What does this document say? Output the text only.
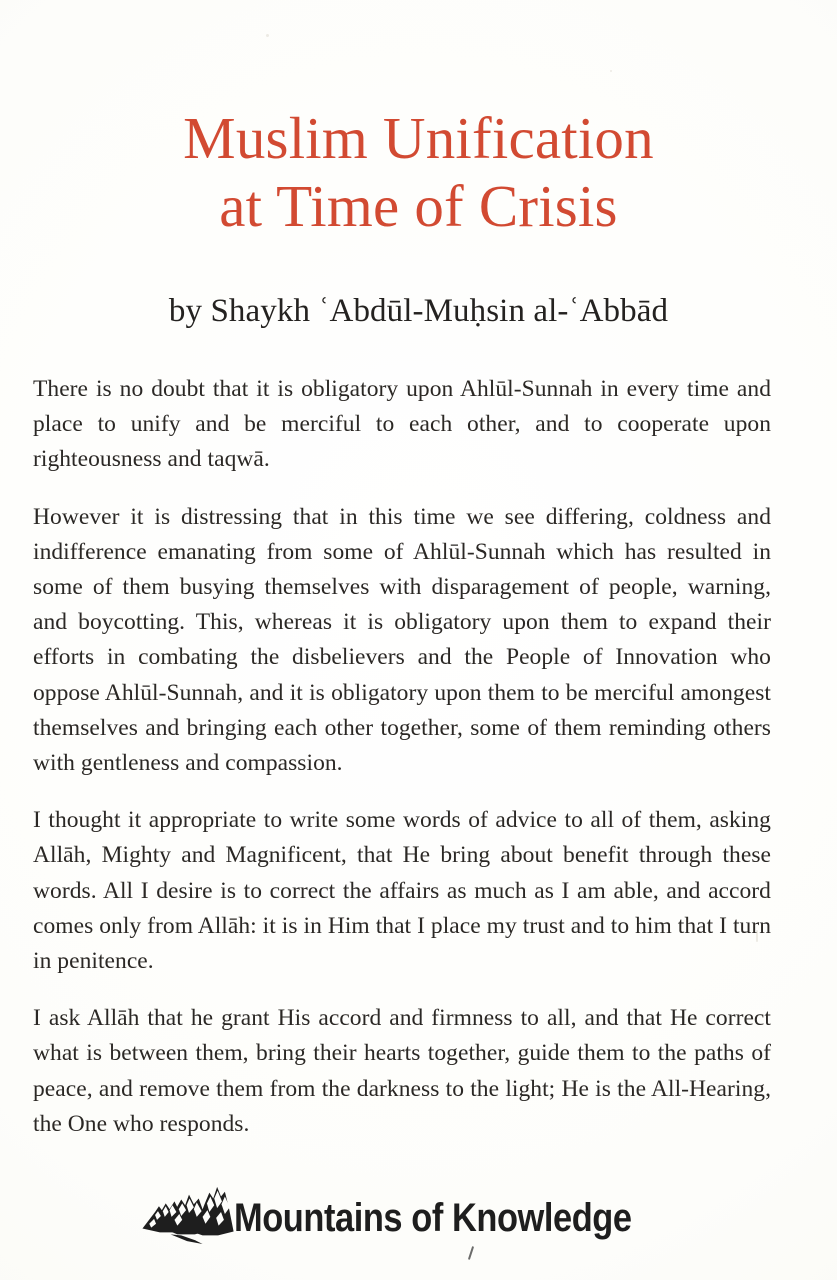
Muslim Unification
at Time of Crisis
by Shaykh ʿAbdūl-Muḥsin al-ʿAbbād

There is no doubt that it is obligatory upon Ahlūl-Sunnah in every time and place to unify and be merciful to each other, and to cooperate upon righteousness and taqwā.

However it is distressing that in this time we see differing, coldness and indifference emanating from some of Ahlūl-Sunnah which has resulted in some of them busying themselves with disparagement of people, warning, and boycotting. This, whereas it is obligatory upon them to expand their efforts in combating the disbelievers and the People of Innovation who oppose Ahlūl-Sunnah, and it is obligatory upon them to be merciful amongest themselves and bringing each other together, some of them reminding others with gentleness and compassion.

I thought it appropriate to write some words of advice to all of them, asking Allāh, Mighty and Magnificent, that He bring about benefit through these words. All I desire is to correct the affairs as much as I am able, and accord comes only from Allāh: it is in Him that I place my trust and to him that I turn in penitence.

I ask Allāh that he grant His accord and firmness to all, and that He correct what is between them, bring their hearts together, guide them to the paths of peace, and remove them from the darkness to the light; He is the All-Hearing, the One who responds.

Mountains of Knowledge
